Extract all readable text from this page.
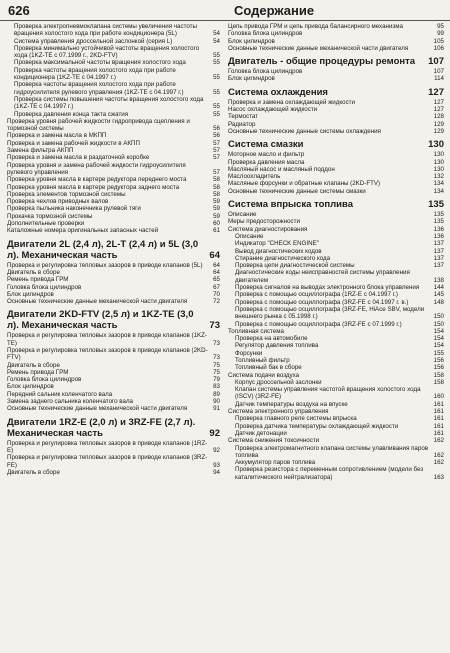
626	Содержание
Проверка электропневмоклапана системы увеличения частоты вращения холостого хода при работе кондиционера (5L)	54
Система управления дроссельной заслонкой (серия L)	54
Проверка минимально устойчивой частоты вращения холостого хода (1KZ-TE с 07.1999 г., 2KD-FTV)	55
Проверка максимальной частоты вращения холостого хода	55
Проверка частоты вращения холостого хода при работе кондиционера (1KZ-TE с 04.1997 г.)	55
Проверка частоты вращения холостого хода при работе гидроусилителя рулевого управления (1KZ-TE с 04.1997 г.)	55
Проверка системы повышения частоты вращения холостого хода (1KZ-TE с 04.1997 г.)	55
Проверка давления конца такта сжатия	55
Проверка уровня рабочей жидкости гидропривода сцепления и тормозной системы	56
Проверка и замена масла в МКПП	56
Проверка и замена рабочей жидкости в АКПП	57
Замена фильтра АКПП	57
Проверка и замена масла в раздаточной коробке	57
Проверка уровня и замена рабочей жидкости гидроусилителя рулевого управления	57
Проверка уровня масла в картере редуктора переднего моста	58
Проверка уровня масла в картере редуктора заднего моста	58
Проверка элементов тормозной системы	58
Проверка чехлов приводных валов	59
Проверка пыльника наконечника рулевой тяги	59
Прокачка тормозной системы	59
Дополнительные проверки	60
Каталожные номера оригинальных запасных частей	61
Двигатели 2L (2,4 л), 2L-T (2,4 л) и 5L (3,0 л). Механическая часть	64
Проверка и регулировка тепловых зазоров в приводе клапанов (5L) 64
Двигатель в сборе	64
Ремень привода ГРМ	65
Головка блока цилиндров	67
Блок цилиндров	70
Основные технические данные механической части двигателя	72
Двигатели 2KD-FTV (2,5 л) и 1KZ-TE (3,0 л). Механическая часть	73
Проверка и регулировка тепловых зазоров в приводе клапанов (1KZ-TE)	73
Проверка и регулировка тепловых зазоров в приводе клапанов (2KD-FTV)	73
Двигатель в сборе	75
Ремень привода ГРМ	75
Головка блока цилиндров	79
Блок цилиндров	83
Передний сальник коленчатого вала	89
Замена заднего сальника коленчатого вала	90
Основные технические данные механической части двигателя	91
Двигатели 1RZ-E (2,0 л) и 3RZ-FE (2,7 л). Механическая часть	92
Проверка и регулировка тепловых зазоров в приводе клапанов (1RZ-E)	92
Проверка и регулировка тепловых зазоров в приводе клапанов (3RZ-FE)	93
Двигатель в сборе	94
Цепь привода ГРМ и цепь привода балансирного механизма	95
Головка блока цилиндров	99
Блок цилиндров	105
Основные технические данные механической части двигателя	106
Двигатель - общие процедуры ремонта 107
Головка блока цилиндров	107
Блок цилиндров	114
Система охлаждения	127
Проверка и замена охлаждающей жидкости	127
Насос охлаждающей жидкости	127
Термостат	128
Радиатор	129
Основные технические данные системы охлаждения	129
Система смазки	130
Моторное масло и фильтр	130
Проверка давления масла	130
Масляный насос и масляный поддон	130
Маслоохладитель	132
Масляные форсунки и обратные клапаны (2KD-FTV)	134
Основные технические данные системы смазки	134
Система впрыска топлива	135
Описание	135
Меры предосторожности	135
Система диагностирования	136
Описание	136
Индикатор "CHECK ENGINE"	137
Вывод диагностических кодов	137
Стирание диагностического кода	137
Проверка цепи диагностической системы	137
Диагностические коды неисправностей системы управления двигателем	138
Проверка сигналов на выводах электронного блока управления 144
Проверка с помощью осциллографа (1RZ-E с 04.1997 г.)	145
Проверка с помощью осциллографа (3RZ-FE с 04.1997 г. в.)	148
Проверка с помощью осциллографа (3RZ-FE, HiAce SBV, модели внешнего рынка с 05.1998 г.)	150
Проверка с помощью осциллографа (3RZ-FE с 07.1999 г.)	150
Топливная система	154
Проверка на автомобиле	154
Регулятор давления топлива	154
Форсунки	155
Топливный фильтр	156
Топливный бак в сборе	156
Система подачи воздуха	158
Корпус дроссельной заслонки	158
Клапан системы управления частотой вращения холостого хода (ISCV) (3RZ-FE)	160
Датчик температуры воздуха на впуске	161
Система электронного управления	161
Проверка главного реле системы впрыска	161
Проверка датчика температуры охлаждающей жидкости	161
Датчик детонации	161
Система снижения токсичности	162
Проверка электромагнитного клапана системы улавливания паров топлива	162
Аккумулятор паров топлива	162
Проверка резистора с переменным сопротивлением (модели без каталитического нейтрализатора)	163
